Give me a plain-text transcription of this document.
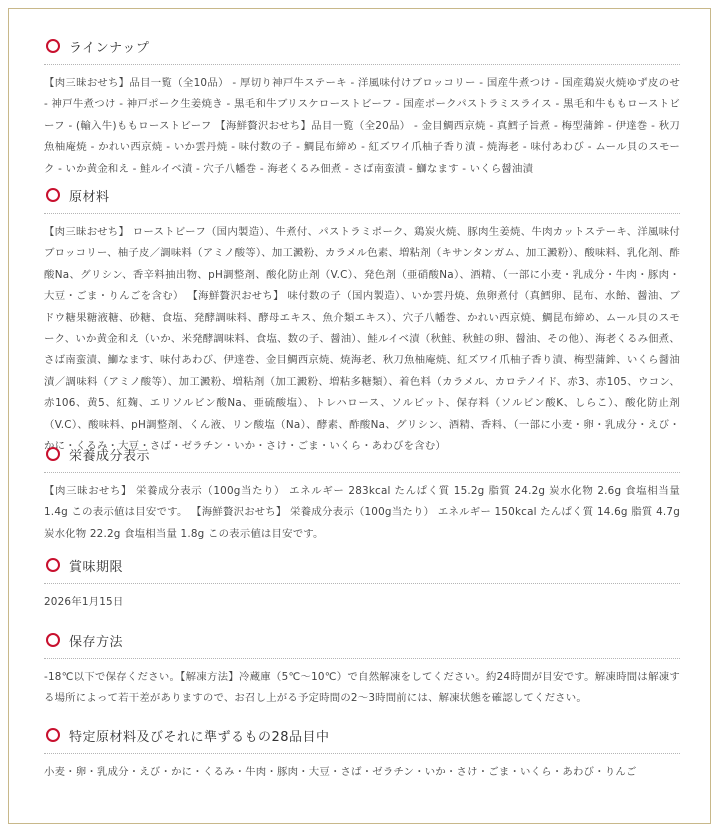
ラインナップ
【肉三昧おせち】品目一覧（全10品） - 厚切り神戸牛ステーキ - 洋風味付けブロッコリー - 国産牛煮つけ - 国産鶏炭火焼ゆず皮のせ - 神戸牛煮つけ - 神戸ポーク生姜焼き - 黒毛和牛ブリスケローストビーフ - 国産ポークパストラミスライス - 黒毛和牛ももローストビーフ - (輸入牛)ももローストビーフ 【海鮮贅沢おせち】品目一覧（全20品） - 金目鯛西京焼 - 真鱈子旨煮 - 梅型蒲鉾 - 伊達巻 - 秋刀魚柚庵焼 - かれい西京焼 - いか雲丹焼 - 味付数の子 - 鯛昆布締め - 紅ズワイ爪柚子香り漬 - 焼海老 - 味付あわび - ムール貝のスモーク - いか黄金和え - 鮭ルイベ漬 - 穴子八幡巻 - 海老くるみ佃煮 - さば南蛮漬 - 鰤なます - いくら醤油漬
原材料
【肉三昧おせち】 ローストビーフ（国内製造）、牛煮付、パストラミポーク、鶏炭火焼、豚肉生姜焼、牛肉カットステーキ、洋風味付ブロッコリー、柚子皮／調味料（アミノ酸等）、加工澱粉、カラメル色素、増粘剤（キサンタンガム、加工澱粉）、酸味料、乳化剤、酢酸Na、グリシン、香辛料抽出物、pH調整剤、酸化防止剤（V.C）、発色剤（亜硝酸Na）、酒精、（一部に小麦・乳成分・牛肉・豚肉・大豆・ごま・りんごを含む） 【海鮮贅沢おせち】 味付数の子（国内製造）、いか雲丹焼、魚卵煮付（真鱈卵、昆布、水飴、醤油、ブドウ糖果糖液糖、砂糖、食塩、発酵調味料、酵母エキス、魚介類エキス）、穴子八幡巻、かれい西京焼、鯛昆布締め、ムール貝のスモーク、いか黄金和え（いか、米発酵調味料、食塩、数の子、醤油）、鮭ルイベ漬（秋鮭、秋鮭の卵、醤油、その他）、海老くるみ佃煮、さば南蛮漬、鰤なます、味付あわび、伊達巻、金目鯛西京焼、焼海老、秋刀魚柚庵焼、紅ズワイ爪柚子香り漬、梅型蒲鉾、いくら醤油漬／調味料（アミノ酸等）、加工澱粉、増粘剤（加工澱粉、増粘多糖類）、着色料（カラメル、カロテノイド、赤3、赤105、ウコン、赤106、黄5、紅麹、エリソルビン酸Na、亜硫酸塩）、トレハロース、ソルビット、保存料（ソルビン酸K、しらこ）、酸化防止剤（V.C）、酸味料、pH調整剤、くん液、リン酸塩（Na）、酵素、酢酸Na、グリシン、酒精、香料、（一部に小麦・卵・乳成分・えび・かに・くるみ・大豆・さば・ゼラチン・いか・さけ・ごま・いくら・あわびを含む）
栄養成分表示
【肉三昧おせち】 栄養成分表示（100g当たり） エネルギー 283kcal たんぱく質 15.2g 脂質 24.2g 炭水化物 2.6g 食塩相当量 1.4g この表示値は目安です。 【海鮮贅沢おせち】 栄養成分表示（100g当たり） エネルギー 150kcal たんぱく質 14.6g 脂質 4.7g 炭水化物 22.2g 食塩相当量 1.8g この表示値は目安です。
賞味期限
2026年1月15日
保存方法
-18℃以下で保存ください。【解凍方法】冷蔵庫（5℃〜10℃）で自然解凍をしてください。約24時間が目安です。解凍時間は解凍する場所によって若干差がありますので、お召し上がる予定時間の2〜3時間前には、解凍状態を確認してください。
特定原材料及びそれに準ずるもの28品目中
小麦・卵・乳成分・えび・かに・くるみ・牛肉・豚肉・大豆・さば・ゼラチン・いか・さけ・ごま・いくら・あわび・りんご
